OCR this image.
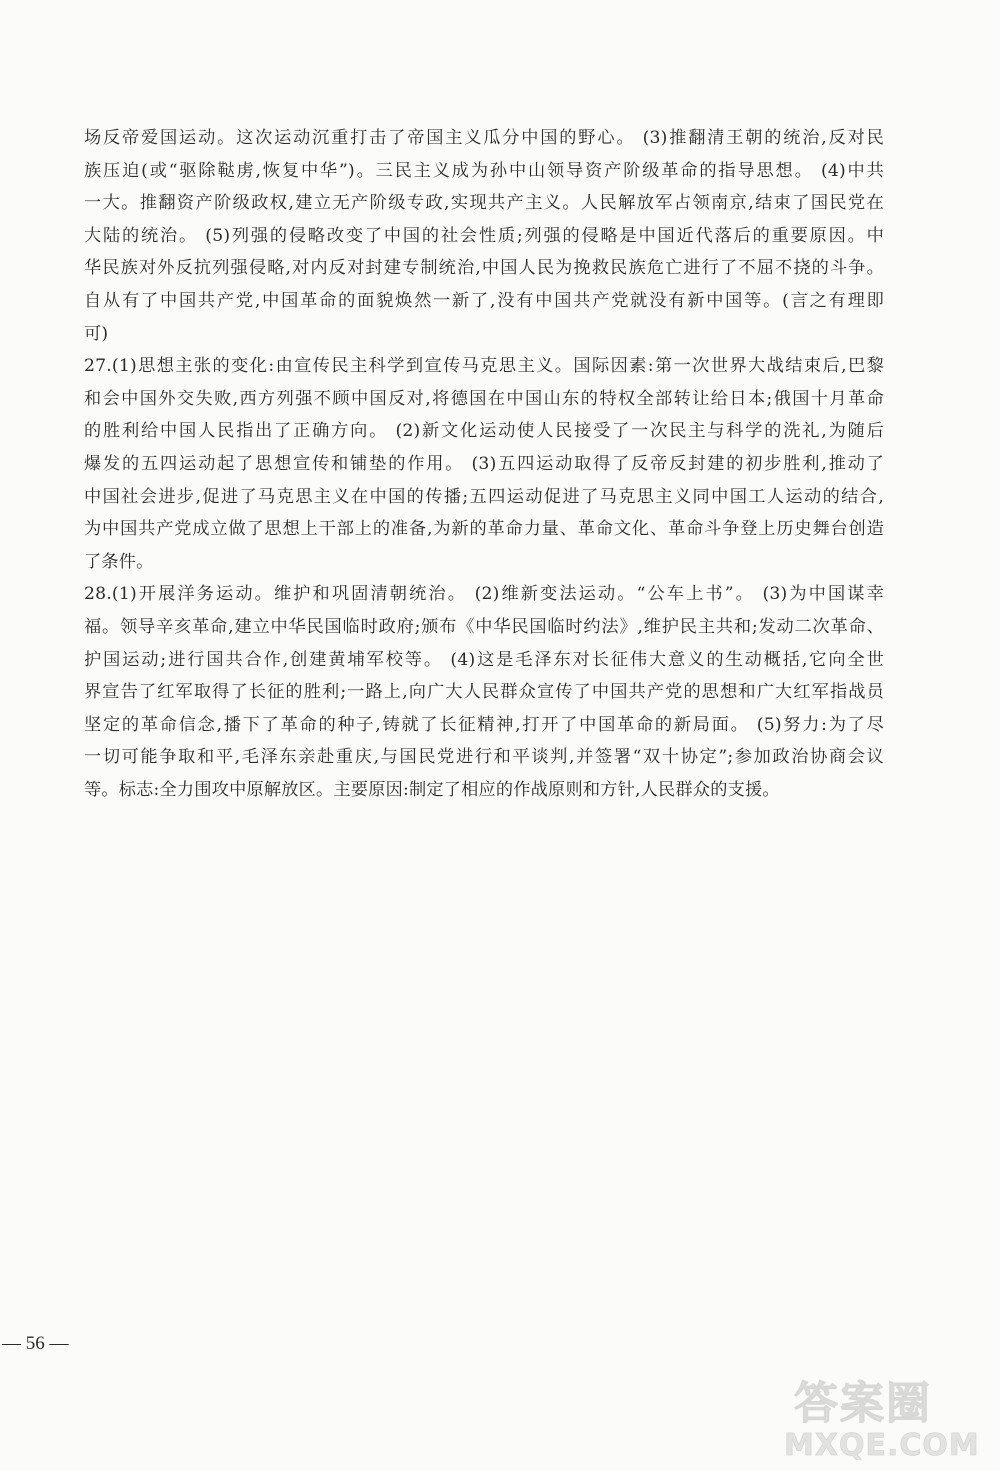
场反帝爱国运动。这次运动沉重打击了帝国主义瓜分中国的野心。 (3)推翻清王朝的统治,反对民
族压迫(或“驱除鞑虏,恢复中华”)。三民主义成为孙中山领导资产阶级革命的指导思想。 (4)中共
一大。推翻资产阶级政权,建立无产阶级专政,实现共产主义。人民解放军占领南京,结束了国民党在
大陆的统治。 (5)列强的侵略改变了中国的社会性质;列强的侵略是中国近代落后的重要原因。中
华民族对外反抗列强侵略,对内反对封建专制统治,中国人民为挽救民族危亡进行了不屈不挠的斗争。
自从有了中国共产党,中国革命的面貌焕然一新了,没有中国共产党就没有新中国等。(言之有理即
可)
27.(1)思想主张的变化:由宣传民主科学到宣传马克思主义。国际因素:第一次世界大战结束后,巴黎
和会中国外交失败,西方列强不顾中国反对,将德国在中国山东的特权全部转让给日本;俄国十月革命
的胜利给中国人民指出了正确方向。 (2)新文化运动使人民接受了一次民主与科学的洗礼,为随后
爆发的五四运动起了思想宣传和铺垫的作用。 (3)五四运动取得了反帝反封建的初步胜利,推动了
中国社会进步,促进了马克思主义在中国的传播;五四运动促进了马克思主义同中国工人运动的结合,
为中国共产党成立做了思想上干部上的准备,为新的革命力量、革命文化、革命斗争登上历史舞台创造
了条件。
28.(1)开展洋务运动。维护和巩固清朝统治。 (2)维新变法运动。“公车上书”。 (3)为中国谋幸
福。领导辛亥革命,建立中华民国临时政府;颁布《中华民国临时约法》,维护民主共和;发动二次革命、
护国运动;进行国共合作,创建黄埔军校等。 (4)这是毛泽东对长征伟大意义的生动概括,它向全世
界宣告了红军取得了长征的胜利;一路上,向广大人民群众宣传了中国共产党的思想和广大红军指战员
坚定的革命信念,播下了革命的种子,铸就了长征精神,打开了中国革命的新局面。 (5)努力:为了尽
一切可能争取和平,毛泽东亲赴重庆,与国民党进行和平谈判,并签署“双十协定”;参加政治协商会议
等。标志:全力围攻中原解放区。主要原因:制定了相应的作战原则和方针,人民群众的支援。
— 56 —
答案圈
MXQE.COM
